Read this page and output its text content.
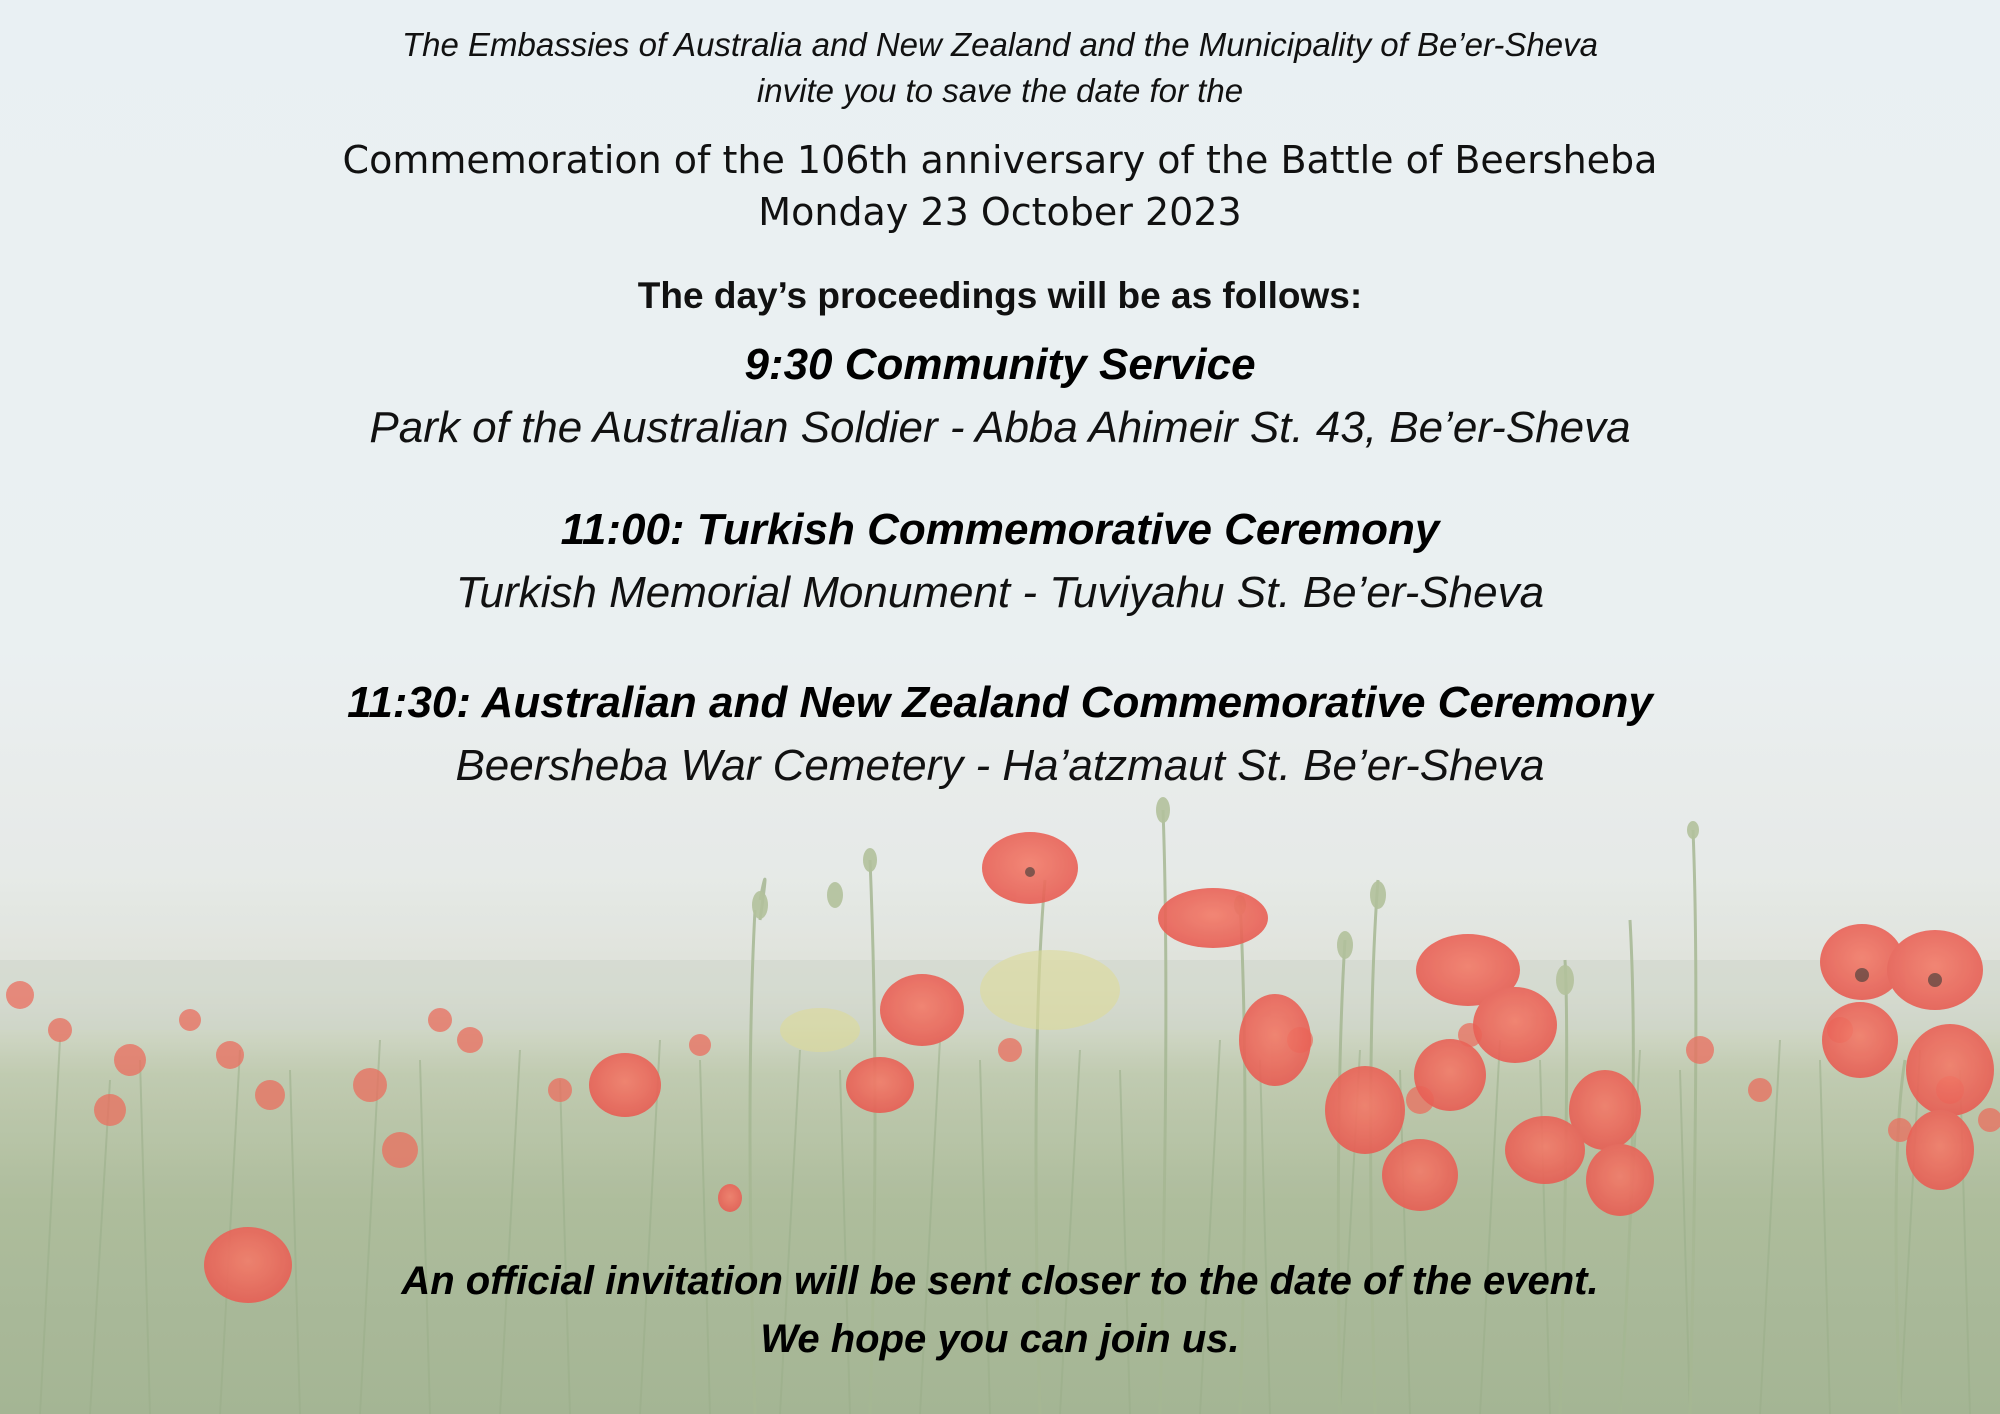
The Embassies of Australia and New Zealand and the Municipality of Be’er-Sheva
invite you to save the date for the
Commemoration of the 106th anniversary of the Battle of Beersheba
Monday 23 October 2023
The day’s proceedings will be as follows:
9:30 Community Service
Park of the Australian Soldier - Abba Ahimeir St. 43, Be’er-Sheva
11:00: Turkish Commemorative Ceremony
Turkish Memorial Monument - Tuviyahu St. Be’er-Sheva
11:30: Australian and New Zealand Commemorative Ceremony
Beersheba War Cemetery - Ha’atzmaut St. Be’er-Sheva
An official invitation will be sent closer to the date of the event.
We hope you can join us.
